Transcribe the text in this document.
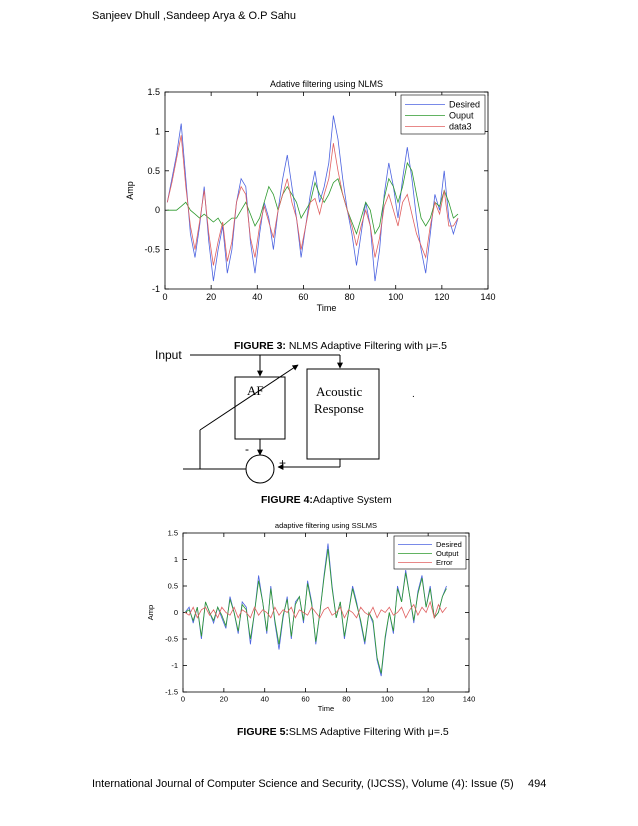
Sanjeev Dhull ,Sandeep Arya & O.P Sahu
Adative filtering using NLMS
0	20	40	60	80	100	120	140
-1
-0.5
0
0.5
1
1.5
Time
Amp
Desired
Ouput
data3
FIGURE 3: NLMS Adaptive Filtering with μ=.5
Input
AF	Acoustic
Response
.
-
+
FIGURE 4:Adaptive System
adaptive filtering using SSLMS
0	20	40	60	80	100	120	140
-1.5
-1
-0.5
0
0.5
1
1.5
Time
Amp
Desired
Output
Error
FIGURE 5:SLMS Adaptive Filtering With μ=.5
International Journal of Computer Science and Security, (IJCSS), Volume (4): Issue (5) 494
